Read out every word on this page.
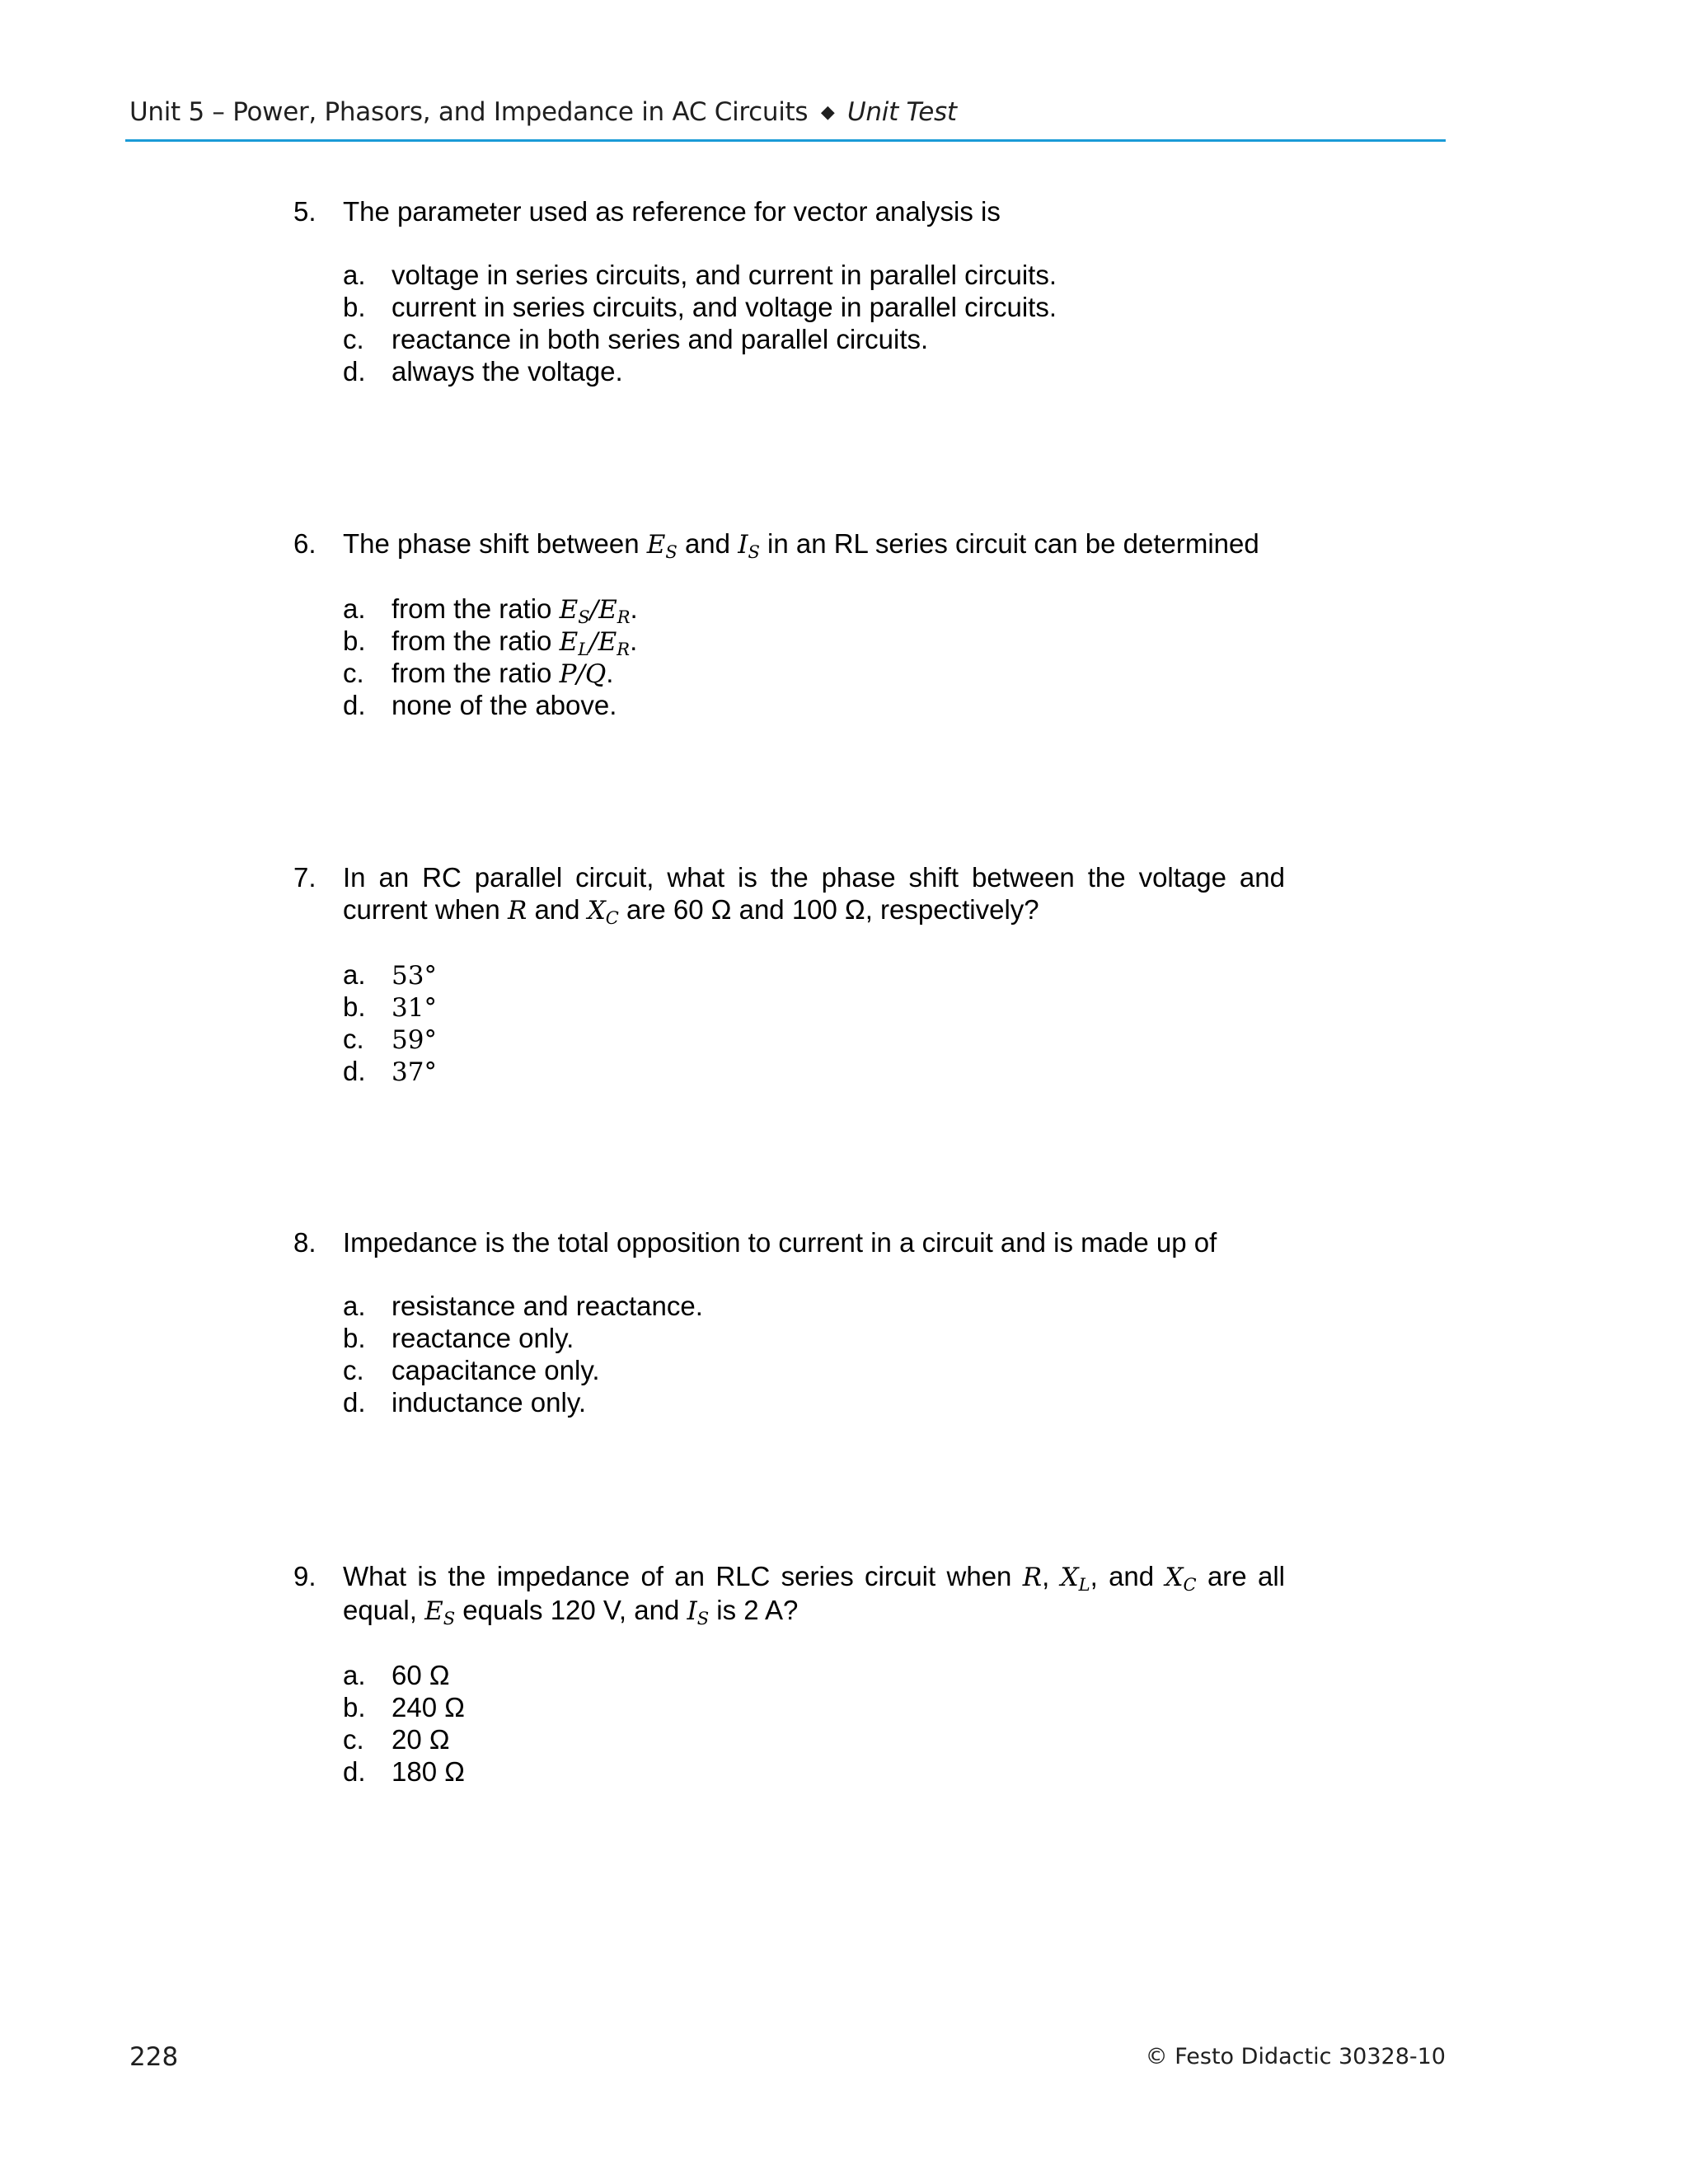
Unit 5 – Power, Phasors, and Impedance in AC Circuits ◆ Unit Test
5. The parameter used as reference for vector analysis is
a. voltage in series circuits, and current in parallel circuits.
b. current in series circuits, and voltage in parallel circuits.
c. reactance in both series and parallel circuits.
d. always the voltage.
6. The phase shift between $E_S$ and $I_S$ in an RL series circuit can be determined
a. from the ratio $E_S/E_R$.
b. from the ratio $E_L/E_R$.
c. from the ratio P/Q.
d. none of the above.
7. In an RC parallel circuit, what is the phase shift between the voltage and current when R and $X_C$ are 60 Ω and 100 Ω, respectively?
a. 53°
b. 31°
c. 59°
d. 37°
8. Impedance is the total opposition to current in a circuit and is made up of
a. resistance and reactance.
b. reactance only.
c. capacitance only.
d. inductance only.
9. What is the impedance of an RLC series circuit when R, $X_L$, and $X_C$ are all equal, $E_S$ equals 120 V, and $I_S$ is 2 A?
a. 60 Ω
b. 240 Ω
c. 20 Ω
d. 180 Ω
228	© Festo Didactic 30328-10
